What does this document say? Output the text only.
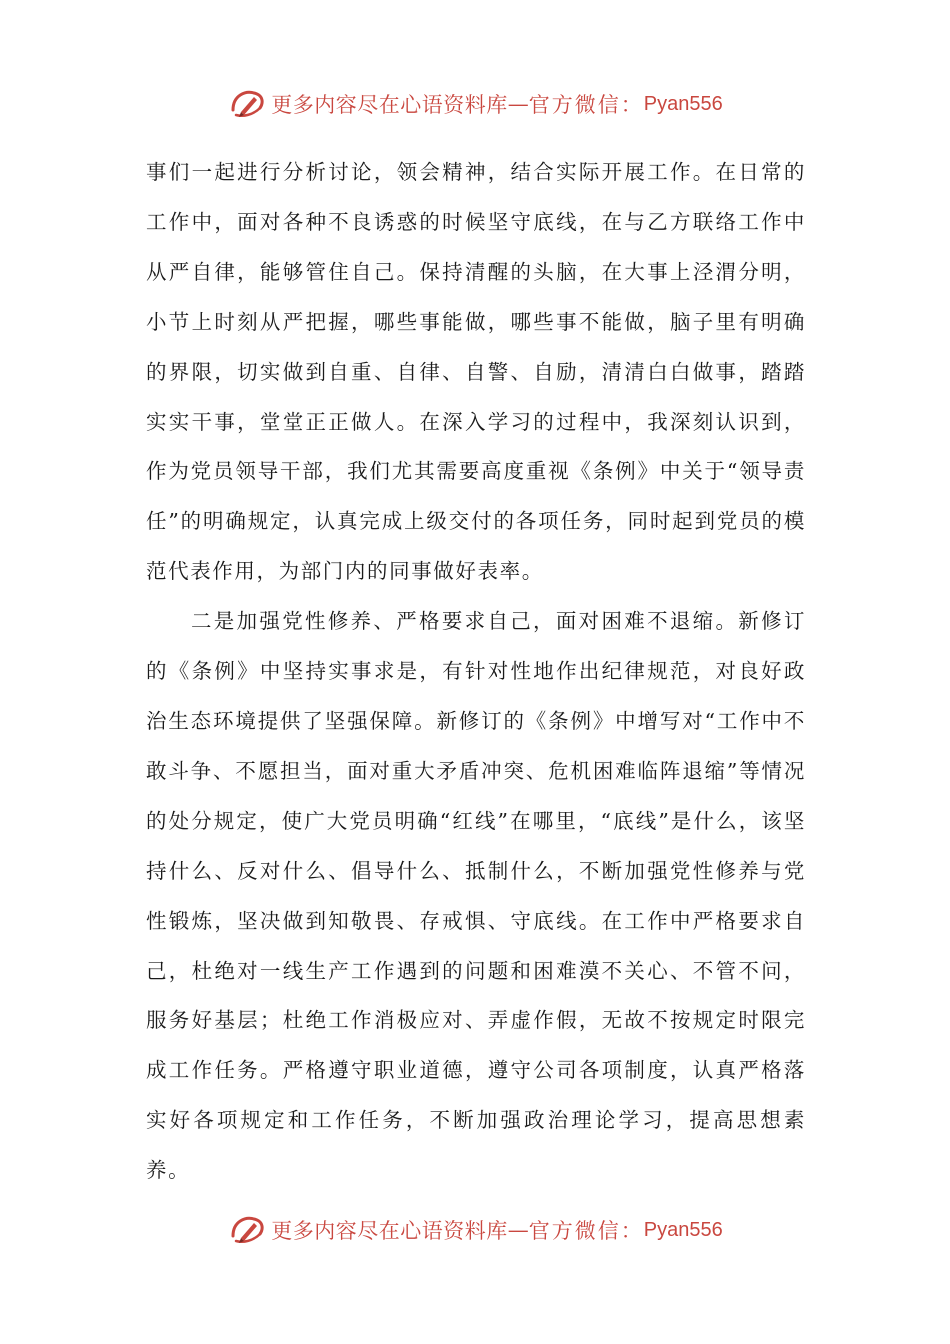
更多内容尽在心语资料库 — 官方微信： Pyan556

事们一起进行分析讨论，领会精神，结合实际开展工作。在日常的工作中，面对各种不良诱惑的时候坚守底线，在与乙方联络工作中从严自律，能够管住自己。保持清醒的头脑，在大事上泾渭分明，小节上时刻从严把握，哪些事能做，哪些事不能做，脑子里有明确的界限，切实做到自重、自律、自警、自励，清清白白做事，踏踏实实干事，堂堂正正做人。在深入学习的过程中，我深刻认识到，作为党员领导干部，我们尤其需要高度重视《条例》中关于“领导责任”的明确规定，认真完成上级交付的各项任务，同时起到党员的模范代表作用，为部门内的同事做好表率。

二是加强党性修养、严格要求自己，面对困难不退缩。新修订的《条例》中坚持实事求是，有针对性地作出纪律规范，对良好政治生态环境提供了坚强保障。新修订的《条例》中增写对“工作中不敢斗争、不愿担当，面对重大矛盾冲突、危机困难临阵退缩”等情况的处分规定，使广大党员明确“红线”在哪里，“底线”是什么，该坚持什么、反对什么、倡导什么、抵制什么，不断加强党性修养与党性锻炼，坚决做到知敬畏、存戒惧、守底线。在工作中严格要求自己，杜绝对一线生产工作遇到的问题和困难漠不关心、不管不问，服务好基层；杜绝工作消极应对、弄虚作假，无故不按规定时限完成工作任务。严格遵守职业道德，遵守公司各项制度，认真严格落实好各项规定和工作任务，不断加强政治理论学习，提高思想素养。

更多内容尽在心语资料库 — 官方微信： Pyan556
